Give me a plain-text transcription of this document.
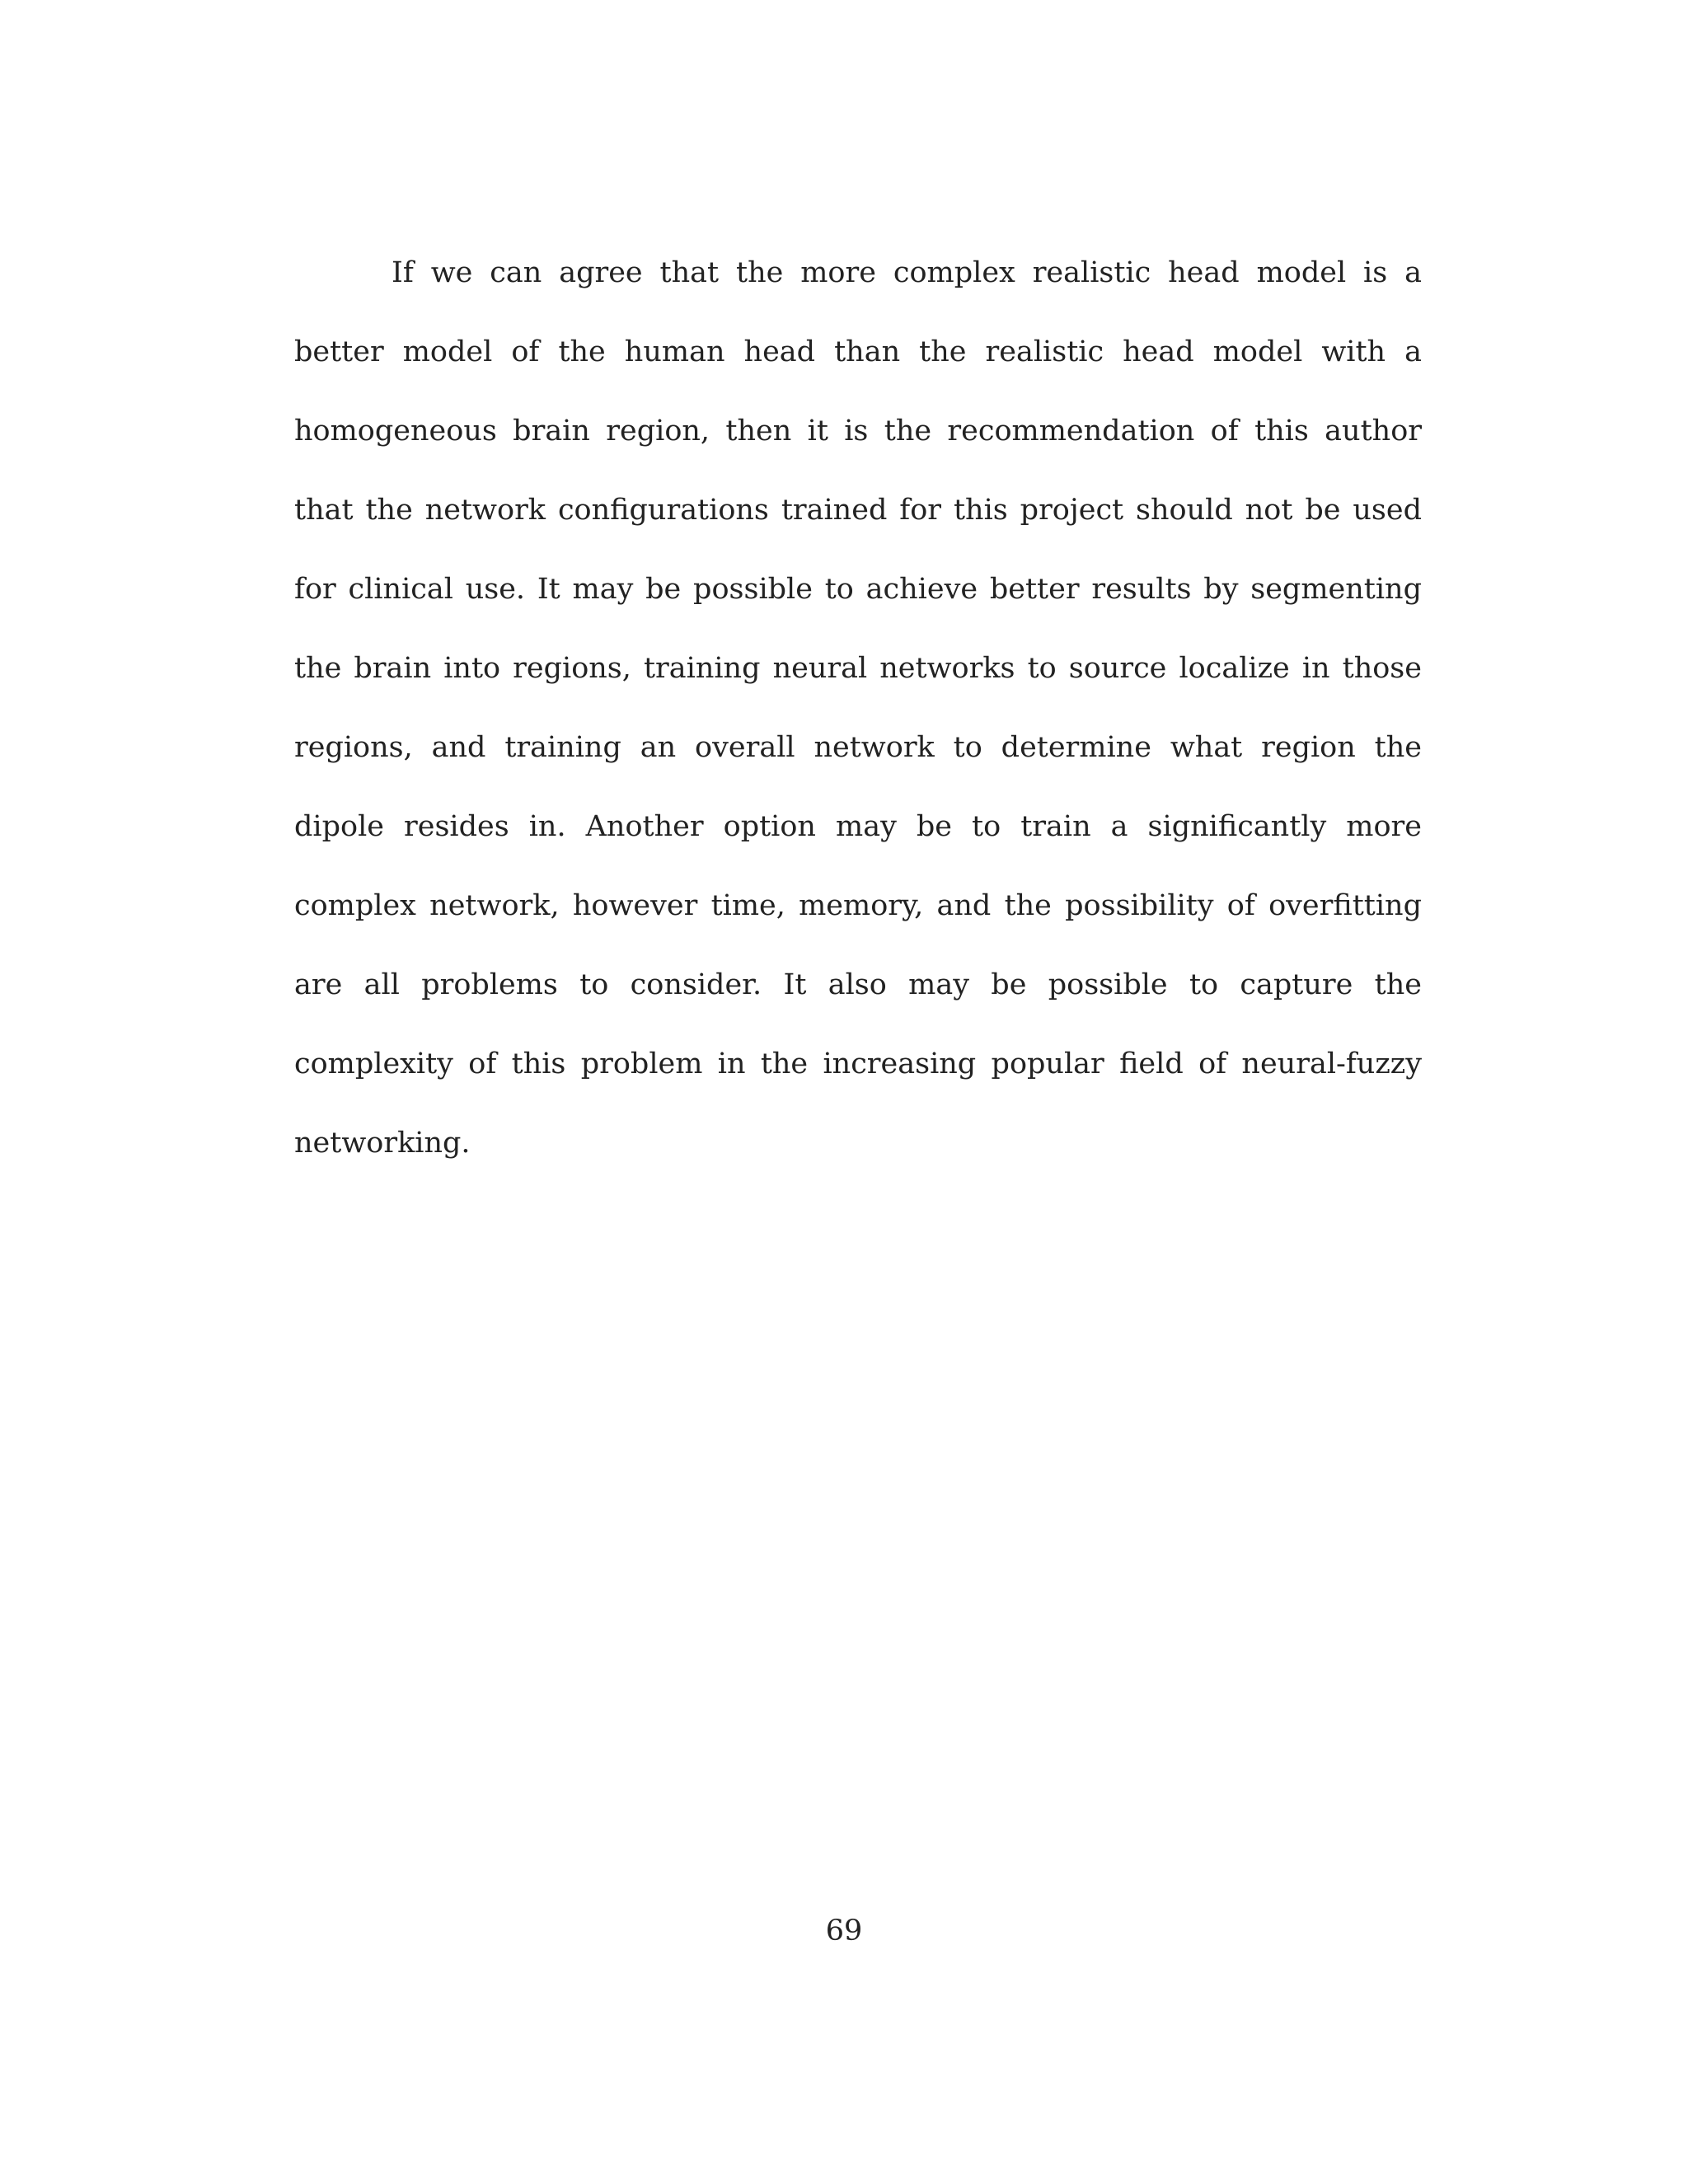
If we can agree that the more complex realistic head model is a better model of the human head than the realistic head model with a homogeneous brain region, then it is the recommendation of this author that the network configurations trained for this project should not be used for clinical use. It may be possible to achieve better results by segmenting the brain into regions, training neural networks to source localize in those regions, and training an overall network to determine what region the dipole resides in. Another option may be to train a significantly more complex network, however time, memory, and the possibility of overfitting are all problems to consider. It also may be possible to capture the complexity of this problem in the increasing popular field of neural-fuzzy networking.

69
